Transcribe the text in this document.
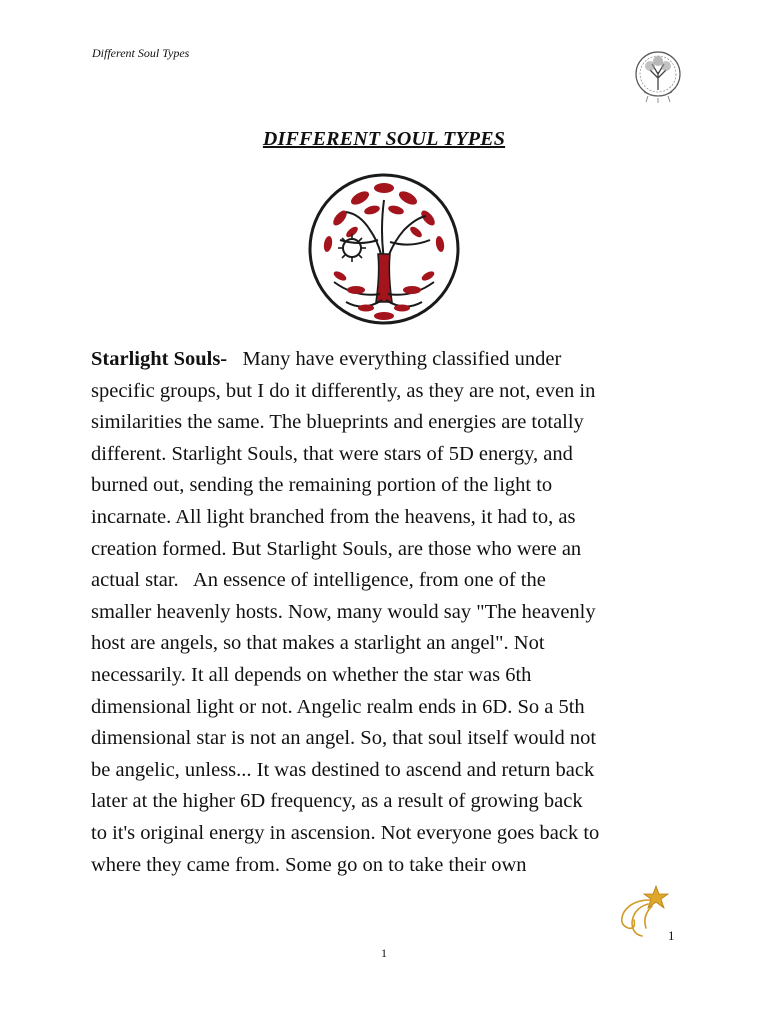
Different Soul Types
DIFFERENT SOUL TYPES
Starlight Souls-   Many have everything classified under
specific groups, but I do it differently, as they are not, even in
similarities the same. The blueprints and energies are totally
different. Starlight Souls, that were stars of 5D energy, and
burned out, sending the remaining portion of the light to
incarnate. All light branched from the heavens, it had to, as
creation formed. But Starlight Souls, are those who were an
actual star.   An essence of intelligence, from one of the
smaller heavenly hosts. Now, many would say "The heavenly
host are angels, so that makes a starlight an angel". Not
necessarily. It all depends on whether the star was 6th
dimensional light or not. Angelic realm ends in 6D. So a 5th
dimensional star is not an angel. So, that soul itself would not
be angelic, unless... It was destined to ascend and return back
later at the higher 6D frequency, as a result of growing back
to it's original energy in ascension. Not everyone goes back to
where they came from. Some go on to take their own
1
1
